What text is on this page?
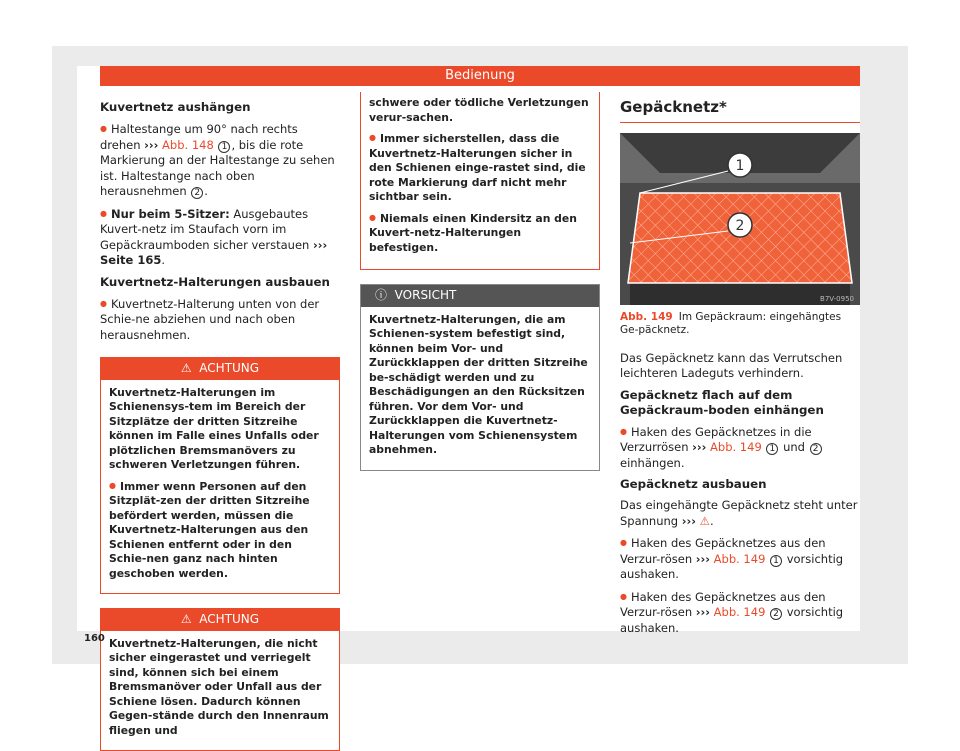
Bedienung
Kuvertnetz aushängen

● Haltestange um 90° nach rechts drehen ››› Abb. 148 1 , bis die rote Markierung an der Haltestange zu sehen ist. Haltestange nach oben herausnehmen 2 .

● Nur beim 5-Sitzer: Ausgebautes Kuvert-netz im Staufach vorn im Gepäckraumboden sicher verstauen ››› Seite 165.

Kuvertnetz-Halterungen ausbauen

● Kuvertnetz-Halterung unten von der Schie-ne abziehen und nach oben herausnehmen.

⚠ ACHTUNG

Kuvertnetz-Halterungen im Schienensys-tem im Bereich der Sitzplätze der dritten Sitzreihe können im Falle eines Unfalls oder plötzlichen Bremsmanövers zu schweren Verletzungen führen.

● Immer wenn Personen auf den Sitzplät-zen der dritten Sitzreihe befördert werden, müssen die Kuvertnetz-Halterungen aus den Schienen entfernt oder in den Schie-nen ganz nach hinten geschoben werden.

⚠ ACHTUNG

Kuvertnetz-Halterungen, die nicht sicher eingerastet und verriegelt sind, können sich bei einem Bremsmanöver oder Unfall aus der Schiene lösen. Dadurch können Gegen-stände durch den Innenraum fliegen und

schwere oder tödliche Verletzungen verur-sachen.

● Immer sicherstellen, dass die Kuvertnetz-Halterungen sicher in den Schienen einge-rastet sind, die rote Markierung darf nicht mehr sichtbar sein.

● Niemals einen Kindersitz an den Kuvert-netz-Halterungen befestigen.

ⓘ VORSICHT

Kuvertnetz-Halterungen, die am Schienen-system befestigt sind, können beim Vor- und Zurückklappen der dritten Sitzreihe be-schädigt werden und zu Beschädigungen an den Rücksitzen führen. Vor dem Vor- und Zurückklappen die Kuvertnetz-Halterungen vom Schienensystem abnehmen.

Gepäcknetz*
1
2
B7V-0950

Abb. 149 Im Gepäckraum: eingehängtes Ge-päcknetz.

Das Gepäcknetz kann das Verrutschen leichteren Ladeguts verhindern.

Gepäcknetz flach auf dem Gepäckraum-boden einhängen

● Haken des Gepäcknetzes in die Verzurrösen ››› Abb. 149 1 und 2 einhängen.

Gepäcknetz ausbauen

Das eingehängte Gepäcknetz steht unter Spannung ››› ⚠.

● Haken des Gepäcknetzes aus den Verzur-rösen ››› Abb. 149 1 vorsichtig aushaken.

● Haken des Gepäcknetzes aus den Verzur-rösen ››› Abb. 149 2 vorsichtig aushaken.

160
